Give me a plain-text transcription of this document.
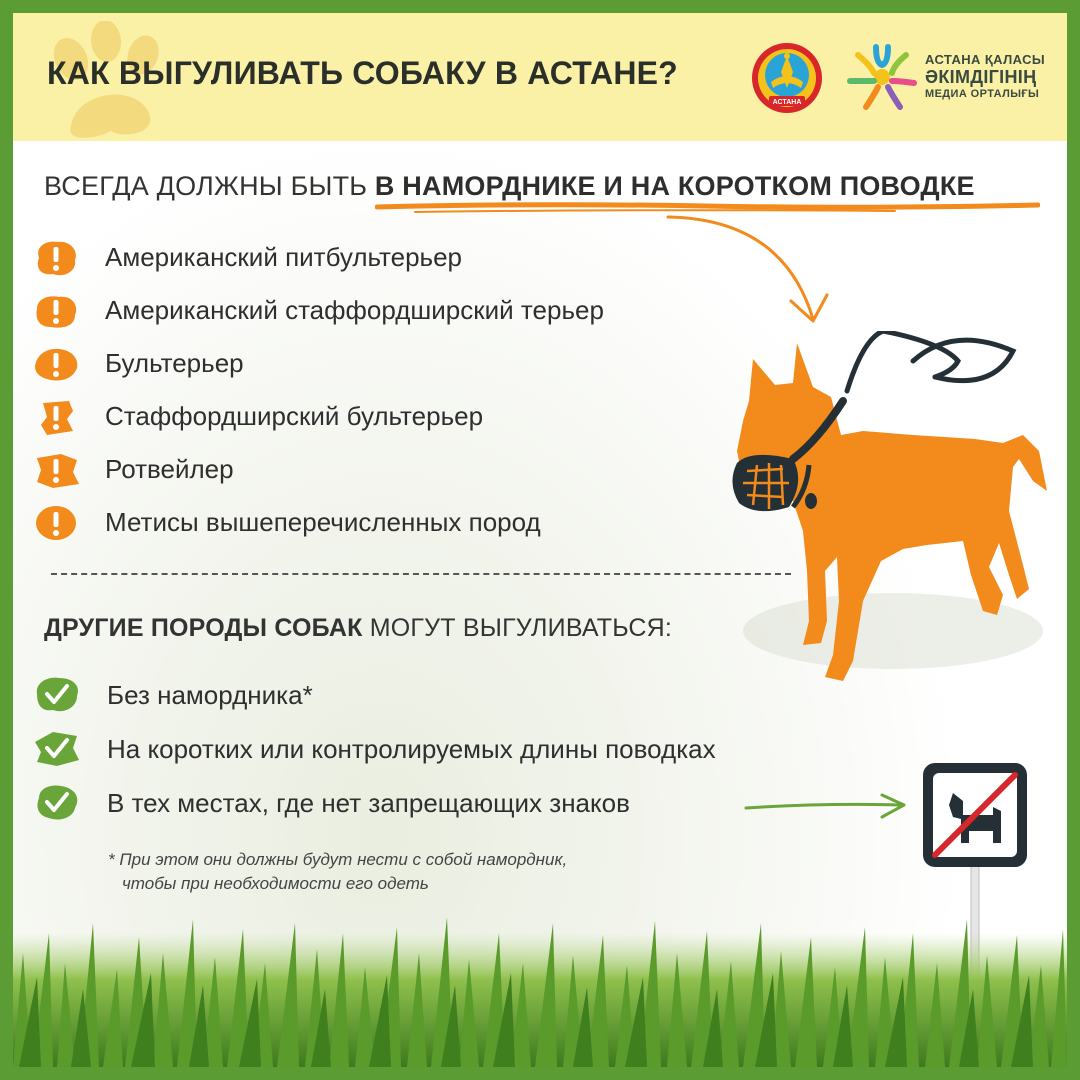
КАК ВЫГУЛИВАТЬ СОБАКУ В АСТАНЕ?
АСТАНА
АСТАНА ҚАЛАСЫ
ӘКІМДІГІНІҢ
МЕДИА ОРТАЛЫҒЫ
ВСЕГДА ДОЛЖНЫ БЫТЬ В НАМОРДНИКЕ И НА КОРОТКОМ ПОВОДКЕ
Американский питбультерьер
Американский стаффордширский терьер
Бультерьер
Стаффордширский бультерьер
Ротвейлер
Метисы вышеперечисленных пород
ДРУГИЕ ПОРОДЫ СОБАК МОГУТ ВЫГУЛИВАТЬСЯ:
Без намордника*
На коротких или контролируемых длины поводках
В тех местах, где нет запрещающих знаков
* При этом они должны будут нести с собой намордник,
чтобы при необходимости его одеть
